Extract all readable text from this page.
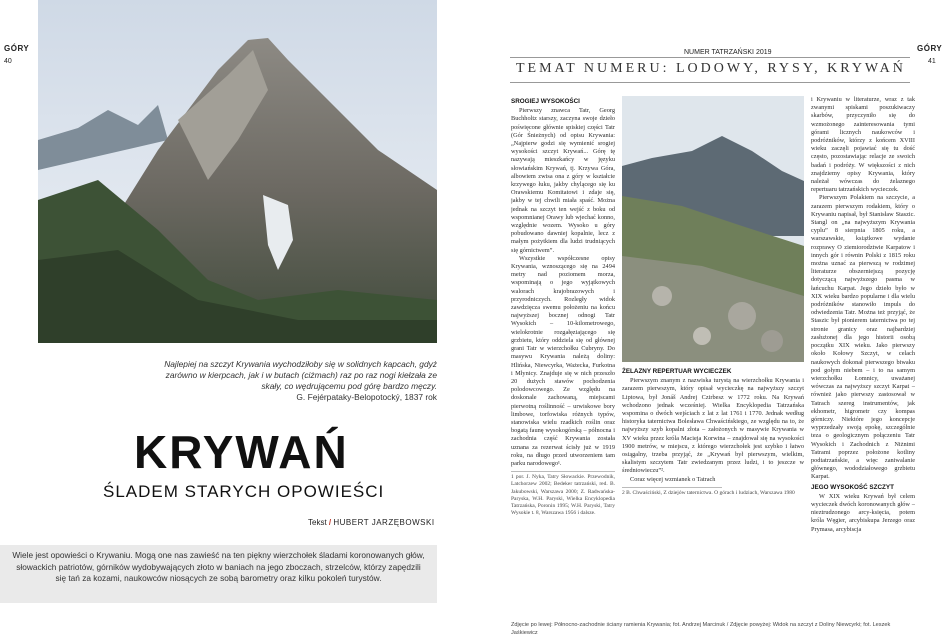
GÓRY
40
Najlepiej na szczyt Krywania wychodziłoby się w solidnych kapcach, gdyż zarówno w kierpcach, jak i w butach (ciżmach) raz po raz nogi kiełzała ze skały, co wędrującemu pod górę bardzo męczy.
G. Fejérpataky-Belopotocký, 1837 rok
KRYWAŃ
ŚLADEM STARYCH OPOWIEŚCI
Tekst / HUBERT JARZĘBOWSKI
Wiele jest opowieści o Krywaniu. Mogą one nas zawieść na ten piękny wierzchołek śladami koronowanych głów, słowackich patriotów, górników wydobywających złoto w baniach na jego zboczach, strzelców, którzy zapędzili się tań za kozami, naukowców niosących ze sobą barometry oraz kilku pokoleń turystów.
NUMER TATRZAŃSKI 2019	GÓRY
41
TEMAT NUMERU: LODOWY, RYSY, KRYWAŃ
SROGIEJ WYSOKOŚCI

Pierwszy znawca Tatr, Georg Buchholtz starszy, zaczyna swoje dzieło poświęcone głównie spiskiej części Tatr (Gór Śnieżnych) od opisu Krywania: „Najpierw godzi się wymienić srogiej wysokości szczyt Krywań... Górę tę nazywają mieszkańcy w języku słowiańskim Krywań, tj. Krzywa Góra, albowiem zwisa ona z góry w kształcie krzywego łuku, jakby chylącego się ku Orawskiemu Komitatowi i zdaje się, jakby w tej chwili miała spaść. Można jednak na szczyt ten wejść z boku od wspomnianej Orawy lub wjechać konno, względnie wozem. Wysoko u góry pobudowano dawniej kopalnie, lecz z małym pożytkiem dla ludzi trudniących się górnictwem”.

Wszystkie współczesne opisy Krywania, wznoszącego się na 2494 metry nad poziomem morza, wspominają o jego wyjątkowych walorach krajobrazowych i przyrodniczych. Rozległy widok zawdzięcza swemu położeniu na końcu najwyższej bocznej odnogi Tatr Wysokich – 10-kilometrowego, wielokrotnie rozgałęziającego się grzbietu, który oddziela się od głównej grani Tatr w wierzchołku Cubryny. Do masywu Krywania należą doliny: Hlińska, Niewcyrka, Ważecka, Furkotna i Młynicy. Znajduje się w nich przeszło 20 dużych stawów pochodzenia polodowcowego. Ze względu na doskonale zachowaną, miejscami pierwotną roślinność – urwiskowe bory limbowe, torfowiska różnych typów, stanowiska wielu rzadkich roślin oraz bogatą faunę wysokogórską – północna i zachodnia część Krywania została uznana za rezerwat ścisły już w 1919 roku, na długo przed utworzeniem tam parku narodowego¹.

1 por. J. Nyka, Tatry Słowackie. Przewodnik, Latchorzew 2002; Bedeker tatrzański, red. B. Jakubowski, Warszawa 2000; Z. Radwańska-Paryska, W.H. Paryski, Wielka Encyklopedia Tatrzańska, Poronin 1995; W.H. Paryski, Tatry Wysokie t. 8, Warszawa 1956 i dalsze.
ŻELAZNY REPERTUAR WYCIECZEK

Pierwszym znanym z nazwiska turystą na wierzchołku Krywania i zarazem pierwszym, który opisał wycieczkę na najwyższy szczyt Liptowa, był Jonáš Andrej Czirbesz w 1772 roku. Na Krywań wchodzono jednak wcześniej. Wielka Encyklopedia Tatrzańska wspomina o dwóch wejściach z lat z lat 1761 i 1770. Jednak według historyka taternictwa Bolesława Chwaścińskiego, ze względu na to, że najwyższy szyb kopalni złota – założonych w masywie Krywania w XV wieku przez króla Macieja Korwina – znajdował się na wysokości 1900 metrów, w miejscu, z którego wierzchołek jest szybko i łatwo osiągalny, trzeba przyjąć, że „Krywań był pierwszym, wielkim, skalistym szczytem Tatr zwiedzanym przez ludzi, i to jeszcze w średniowieczu”².

Coraz więcej wzmianek o Tatrach

2 B. Chwaściński, Z dziejów taternictwa. O górach i ludziach, Warszawa 1980

i Krywaniu w literaturze, wraz z tak zwanymi spiskami poszukiwaczy skarbów, przyczyniło się do wzmożonego zainteresowania tymi górami licznych naukowców i podróżników, którzy z końcem XVIII wieku zaczęli pojawiać się tu dość często, pozostawiając relacje ze swoich badań i podróży. W większości z nich znajdziemy opisy Krywania, który należał wówczas do żelaznego repertuaru tatrzańskich wycieczek.

Pierwszym Polakiem na szczycie, a zarazem pierwszym rodakiem, który o Krywaniu napisał, był Stanisław Staszic. Stangl on „na najwyższym Krywania cyplu” 8 sierpnia 1805 roku, a warszawskie, książkowe wydanie rozprawy O ziemiorodztwie Karpatow i innych gór i równin Polski z 1815 roku można uznać za pierwszą w rodzimej literaturze obszerniejszą pozycję dotyczącą najwyższego pasma w łańcuchu Karpat. Jego dzieło było w XIX wieku bardzo popularne i dla wielu podróżników stanowiło impuls do odwiedzenia Tatr. Można też przyjąć, że Staszic był pionierem taternictwa po tej stronie granicy oraz najbardziej zasłużonej dla jego historii osobą początku XIX wieku. Jako pierwszy około Kołowy Szczyt, w celach naukowych dokonał pierwszego biwaku pod gołym niebem – i to na samym wierzchołku Łomnicy, uważanej wówczas za najwyższy szczyt Karpat – również jako pierwszy zastosował w Tatrach szereg instrumentów, jak ekhometr, higrometr czy kompas górniczy. Niektóre jego koncepcje wyprzedzały swoją epokę, szczególnie teza o geologicznym połączeniu Tatr Wysokich i Zachodnich z Niżnimi Tatrami poprzez położone kotliny podtatrzańskie, a więc zaniwalanie głównego, wododziałowego grzbietu Karpat.

JEGO WYSOKOŚĆ SZCZYT

W XIX wieku Krywań był celem wycieczek dwóch koronowanych głów – nieztrudzonego arcy-księcia, potem króla Węgier, arcybiskupa Jerzego oraz Prymasa, arcybiscja

Zdjęcie po lewej: Północno-zachodnie ściany ramienia Krywania; fot. Andrzej Marcinuk / Zdjęcie powyżej: Widok na szczyt z Doliny Niewcyrki; fot. Leszek Jaśkiewicz
